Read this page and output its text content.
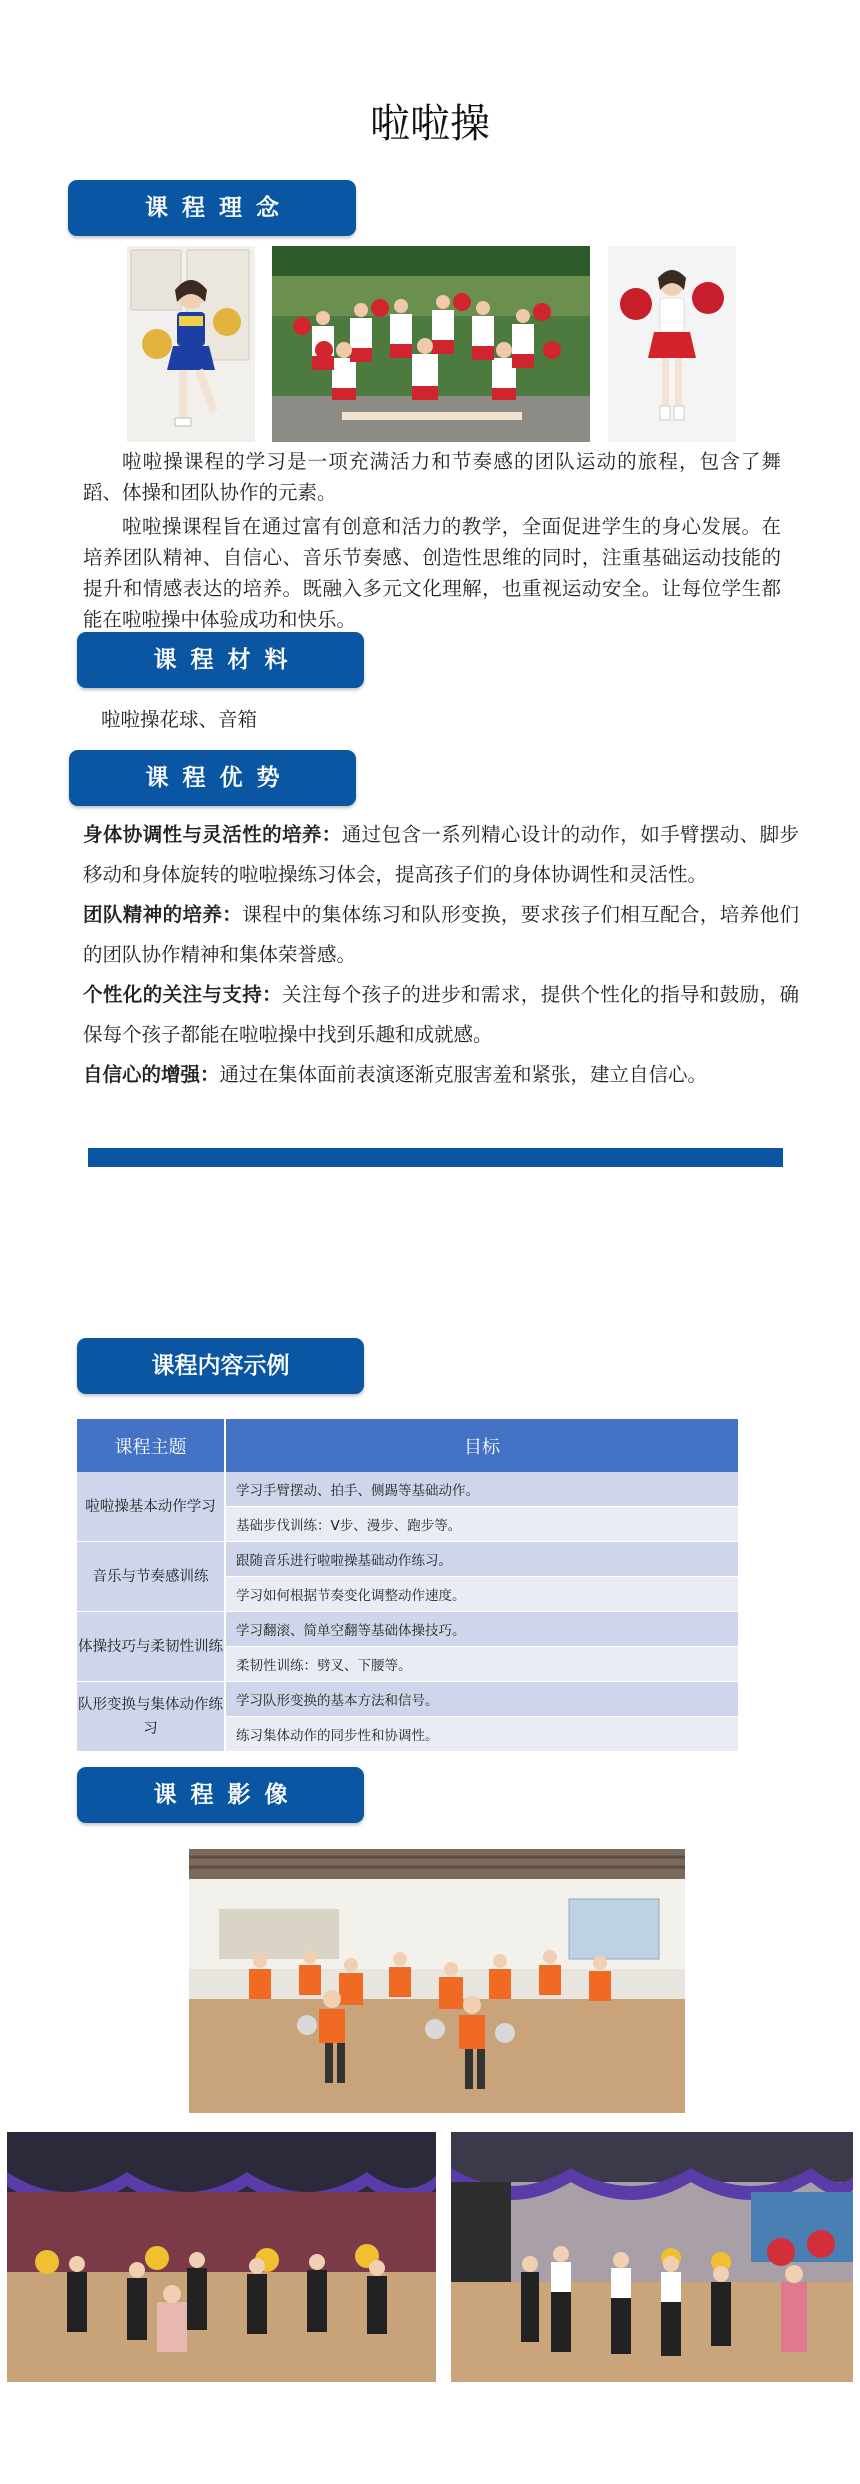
啦啦操
课程理念

啦啦操课程的学习是一项充满活力和节奏感的团队运动的旅程，包含了舞蹈、体操和团队协作的元素。

啦啦操课程旨在通过富有创意和活力的教学，全面促进学生的身心发展。在培养团队精神、自信心、音乐节奏感、创造性思维的同时，注重基础运动技能的提升和情感表达的培养。既融入多元文化理解，也重视运动安全。让每位学生都能在啦啦操中体验成功和快乐。

课程材料
啦啦操花球、音箱
课程优势

身体协调性与灵活性的培养：通过包含一系列精心设计的动作，如手臂摆动、脚步移动和身体旋转的啦啦操练习体会，提高孩子们的身体协调性和灵活性。

团队精神的培养：课程中的集体练习和队形变换，要求孩子们相互配合，培养他们的团队协作精神和集体荣誉感。

个性化的关注与支持：关注每个孩子的进步和需求，提供个性化的指导和鼓励，确保每个孩子都能在啦啦操中找到乐趣和成就感。

自信心的增强：通过在集体面前表演逐渐克服害羞和紧张，建立自信心。

课程内容示例
课程主题	目标
啦啦操基本动作学习	学习手臂摆动、拍手、侧踢等基础动作。
	基础步伐训练：V步、漫步、跑步等。
音乐与节奏感训练	跟随音乐进行啦啦操基础动作练习。
	学习如何根据节奏变化调整动作速度。
体操技巧与柔韧性训练	学习翻滚、简单空翻等基础体操技巧。
	柔韧性训练：劈叉、下腰等。
队形变换与集体动作练习	学习队形变换的基本方法和信号。
	练习集体动作的同步性和协调性。
课程影像
